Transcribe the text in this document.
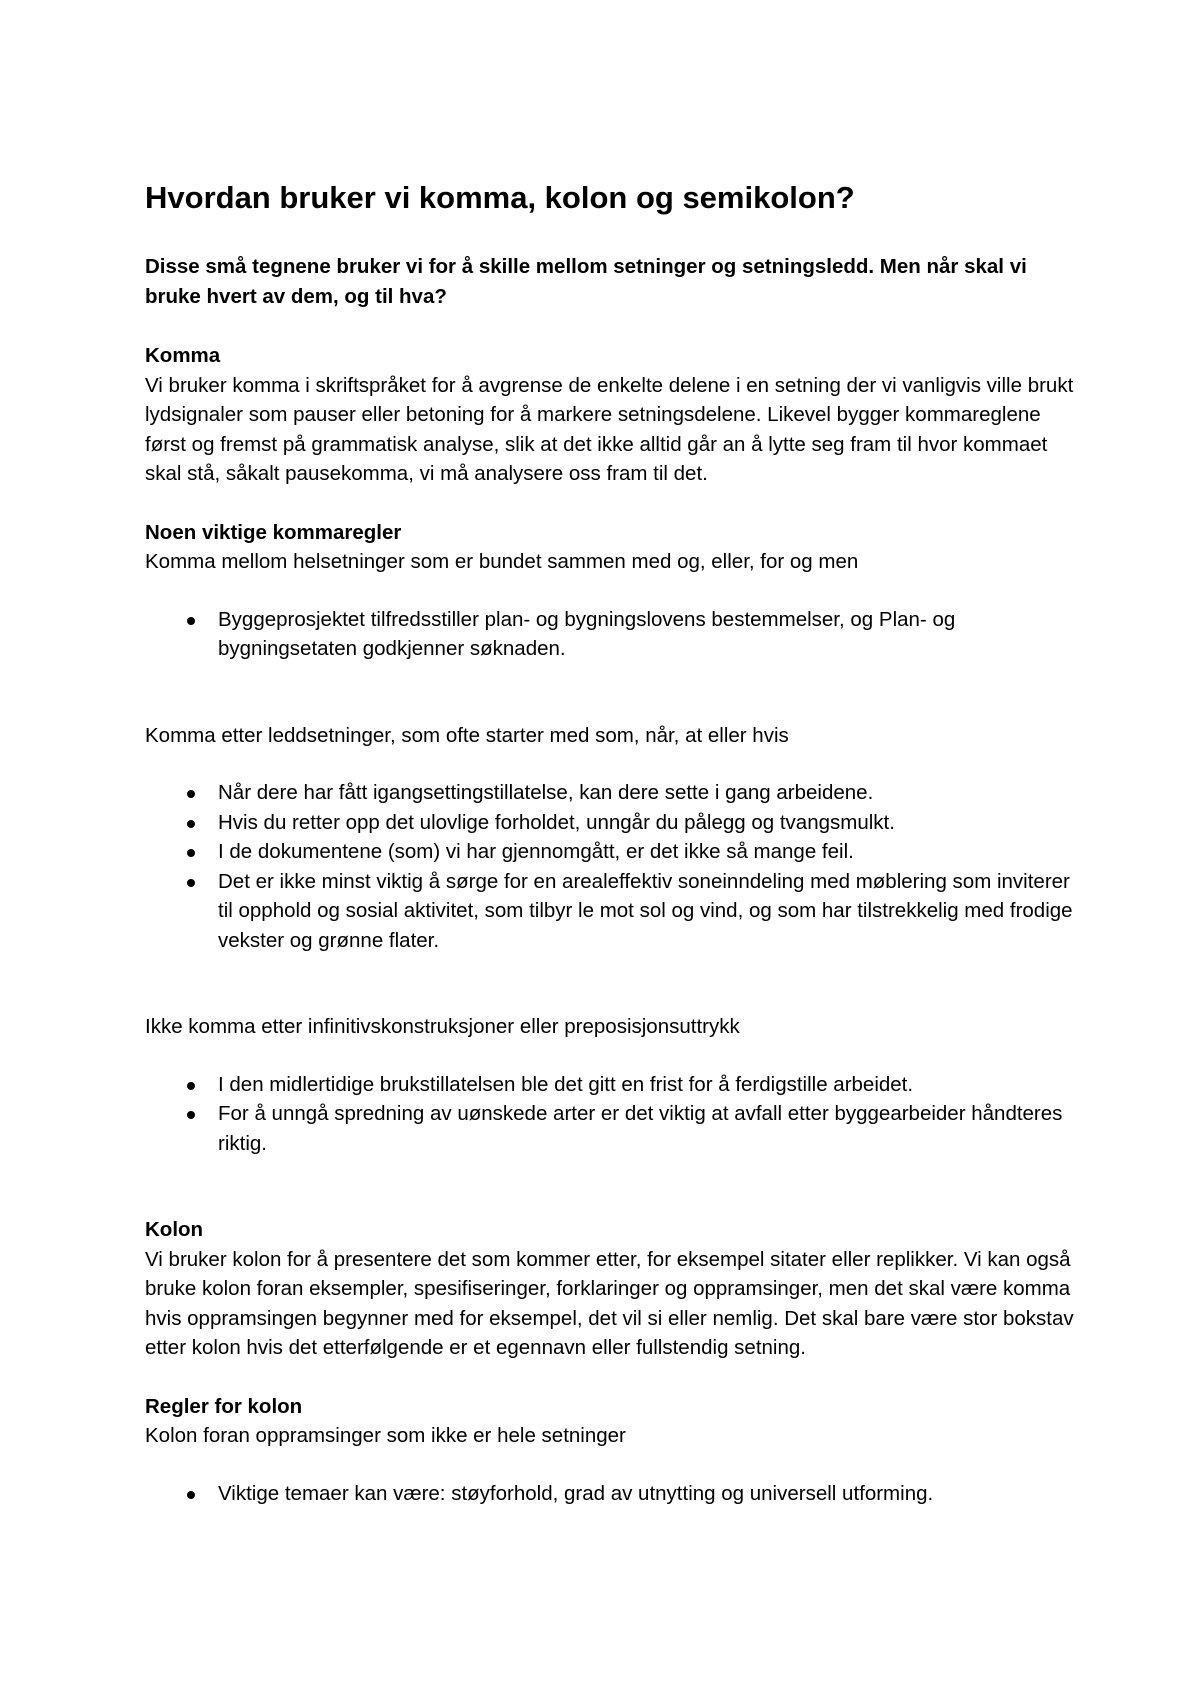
Hvordan bruker vi komma, kolon og semikolon?

Disse små tegnene bruker vi for å skille mellom setninger og setningsledd. Men når skal vi bruke hvert av dem, og til hva?

Komma

Vi bruker komma i skriftspråket for å avgrense de enkelte delene i en setning der vi vanligvis ville brukt lydsignaler som pauser eller betoning for å markere setningsdelene. Likevel bygger kommareglene først og fremst på grammatisk analyse, slik at det ikke alltid går an å lytte seg fram til hvor kommaet skal stå, såkalt pausekomma, vi må analysere oss fram til det.

Noen viktige kommaregler

Komma mellom helsetninger som er bundet sammen med og, eller, for og men

Byggeprosjektet tilfredsstiller plan- og bygningslovens bestemmelser, og Plan- og bygningsetaten godkjenner søknaden.

Komma etter leddsetninger, som ofte starter med som, når, at eller hvis

Når dere har fått igangsettingstillatelse, kan dere sette i gang arbeidene.
Hvis du retter opp det ulovlige forholdet, unngår du pålegg og tvangsmulkt.
I de dokumentene (som) vi har gjennomgått, er det ikke så mange feil.
Det er ikke minst viktig å sørge for en arealeffektiv soneinndeling med møblering som inviterer til opphold og sosial aktivitet, som tilbyr le mot sol og vind, og som har tilstrekkelig med frodige vekster og grønne flater.

Ikke komma etter infinitivskonstruksjoner eller preposisjonsuttrykk

I den midlertidige brukstillatelsen ble det gitt en frist for å ferdigstille arbeidet.
For å unngå spredning av uønskede arter er det viktig at avfall etter byggearbeider håndteres riktig.

Kolon

Vi bruker kolon for å presentere det som kommer etter, for eksempel sitater eller replikker. Vi kan også bruke kolon foran eksempler, spesifiseringer, forklaringer og oppramsinger, men det skal være komma hvis oppramsingen begynner med for eksempel, det vil si eller nemlig. Det skal bare være stor bokstav etter kolon hvis det etterfølgende er et egennavn eller fullstendig setning.

Regler for kolon

Kolon foran oppramsinger som ikke er hele setninger

Viktige temaer kan være: støyforhold, grad av utnytting og universell utforming.
